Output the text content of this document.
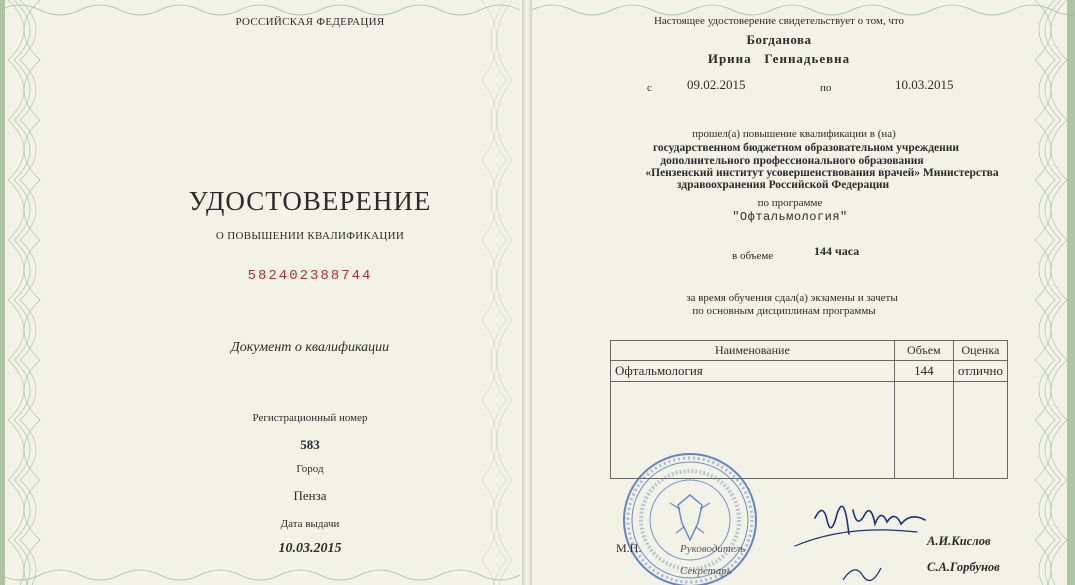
РОССИЙСКАЯ ФЕДЕРАЦИЯ
УДОСТОВЕРЕНИЕ
О ПОВЫШЕНИИ КВАЛИФИКАЦИИ
582402388744
Документ о квалификации
Регистрационный номер
583
Город
Пенза
Дата выдачи
10.03.2015
Настоящее удостоверение свидетельствует о том, что
Богданова
Ирина   Геннадьевна
с	09.02.2015	по	10.03.2015
прошел(а) повышение квалификации в (на)
государственном бюджетном образовательном учреждении
дополнительного профессионального образования
«Пензенский институт усовершенствования врачей» Министерства
здравоохранения Российской Федерации
по программе
"Офтальмология"
в объеме	144 часа
за время обучения сдал(а) экзамены и зачеты
по основным дисциплинам программы
Наименование	Объем	Оценка
Офтальмология	144	отлично

М.П.	Руководитель
Секретарь
А.И.Кислов
С.А.Горбунов
